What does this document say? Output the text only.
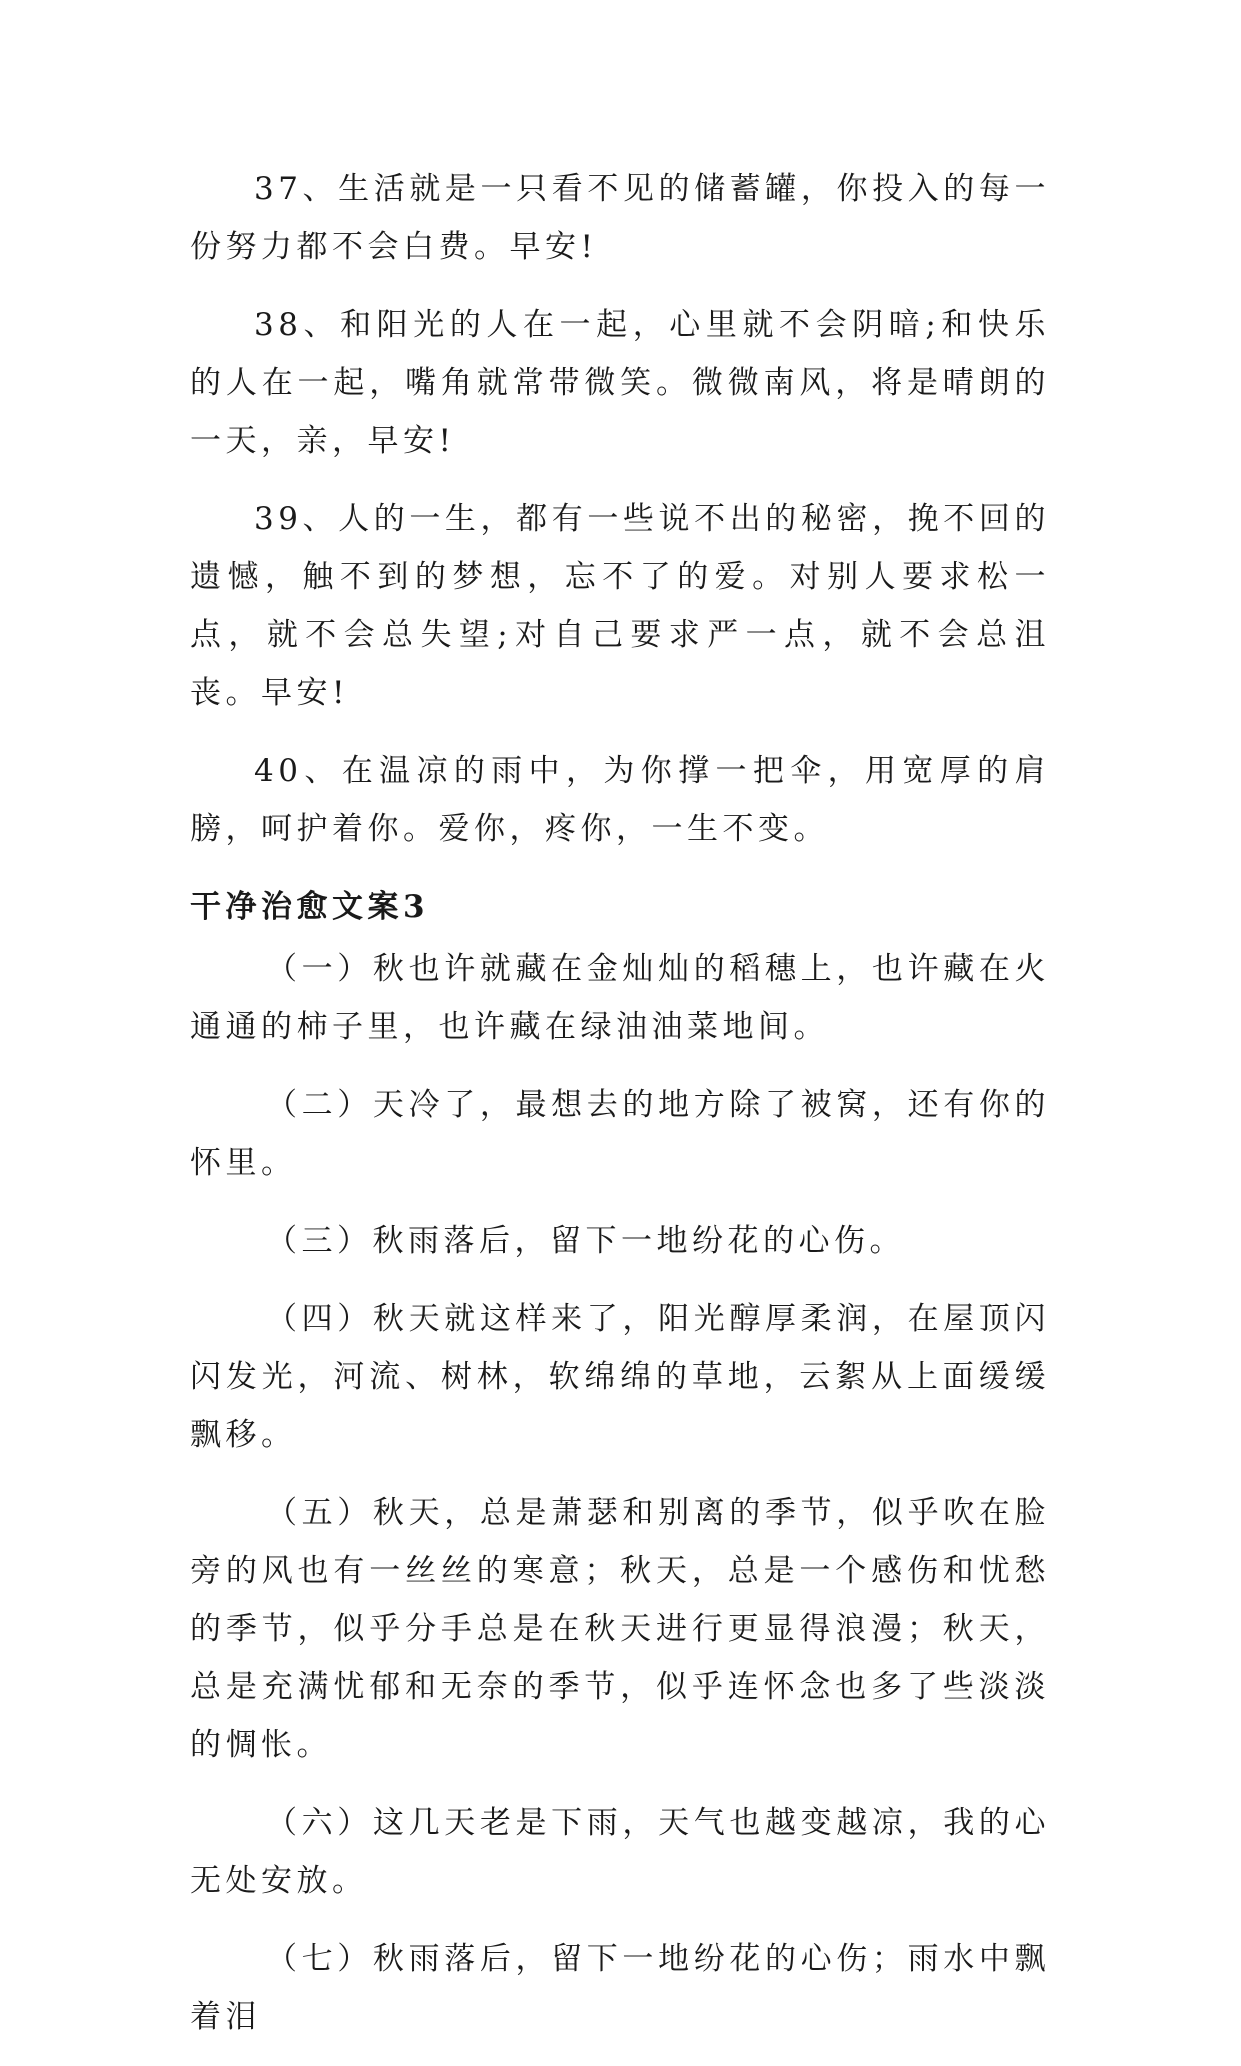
37、生活就是一只看不见的储蓄罐，你投入的每一份努力都不会白费。早安!

38、和阳光的人在一起，心里就不会阴暗;和快乐的人在一起，嘴角就常带微笑。微微南风，将是晴朗的一天，亲，早安!

39、人的一生，都有一些说不出的秘密，挽不回的遗憾，触不到的梦想，忘不了的爱。对别人要求松一点，就不会总失望;对自己要求严一点，就不会总沮丧。早安!

40、在温凉的雨中，为你撑一把伞，用宽厚的肩膀，呵护着你。爱你，疼你，一生不变。

干净治愈文案3

（一）秋也许就藏在金灿灿的稻穗上，也许藏在火通通的柿子里，也许藏在绿油油菜地间。

（二）天冷了，最想去的地方除了被窝，还有你的怀里。

（三）秋雨落后，留下一地纷花的心伤。

（四）秋天就这样来了，阳光醇厚柔润，在屋顶闪闪发光，河流、树林，软绵绵的草地，云絮从上面缓缓飘移。

（五）秋天，总是萧瑟和别离的季节，似乎吹在脸旁的风也有一丝丝的寒意；秋天，总是一个感伤和忧愁的季节，似乎分手总是在秋天进行更显得浪漫；秋天，总是充满忧郁和无奈的季节，似乎连怀念也多了些淡淡的惆怅。

（六）这几天老是下雨，天气也越变越凉，我的心无处安放。

（七）秋雨落后，留下一地纷花的心伤；雨水中飘着泪
